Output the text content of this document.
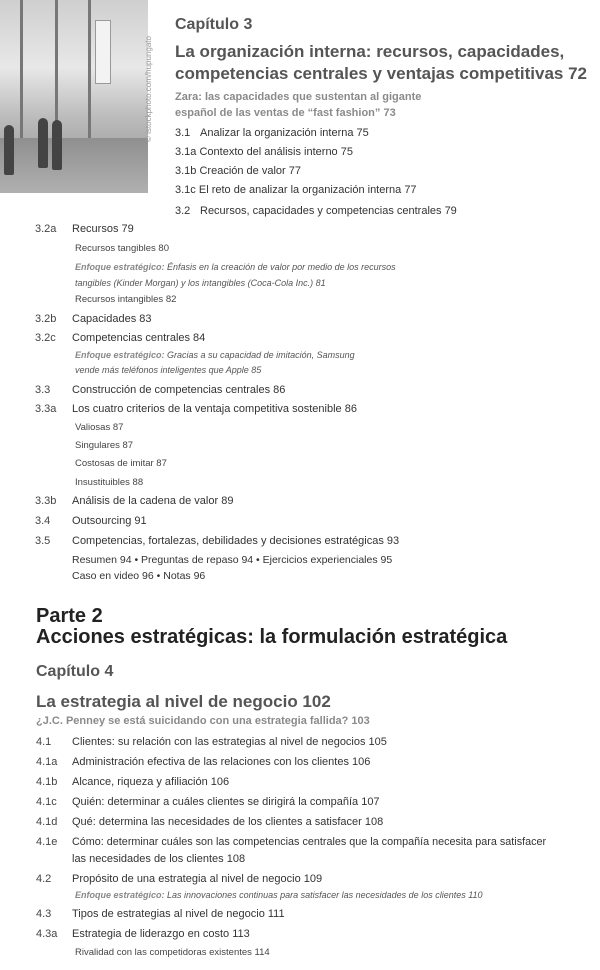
© istockphoto.com/hupungato
Capítulo 3
La organización interna: recursos, capacidades,
competencias centrales y ventajas competitivas 72
Zara: las capacidades que sustentan al gigante
español de las ventas de “fast fashion” 73
3.1 Analizar la organización interna 75
3.1a Contexto del análisis interno 75
3.1b Creación de valor 77
3.1c El reto de analizar la organización interna 77
3.2 Recursos, capacidades y competencias centrales 79
3.2a Recursos 79
Recursos tangibles 80
Enfoque estratégico: Énfasis en la creación de valor por medio de los recursos
tangibles (Kinder Morgan) y los intangibles (Coca-Cola Inc.) 81
Recursos intangibles 82
3.2b Capacidades 83
3.2c Competencias centrales 84
Enfoque estratégico: Gracias a su capacidad de imitación, Samsung
vende más teléfonos inteligentes que Apple 85
3.3 Construcción de competencias centrales 86
3.3a Los cuatro criterios de la ventaja competitiva sostenible 86
Valiosas 87
Singulares 87
Costosas de imitar 87
Insustituibles 88
3.3b Análisis de la cadena de valor 89
3.4 Outsourcing 91
3.5 Competencias, fortalezas, debilidades y decisiones estratégicas 93
Resumen 94 • Preguntas de repaso 94 • Ejercicios experienciales 95
Caso en video 96 • Notas 96
Parte 2
Acciones estratégicas: la formulación estratégica
Capítulo 4
La estrategia al nivel de negocio 102
¿J.C. Penney se está suicidando con una estrategia fallida? 103
4.1 Clientes: su relación con las estrategias al nivel de negocios 105
4.1a Administración efectiva de las relaciones con los clientes 106
4.1b Alcance, riqueza y afiliación 106
4.1c Quién: determinar a cuáles clientes se dirigirá la compañía 107
4.1d Qué: determina las necesidades de los clientes a satisfacer 108
4.1e Cómo: determinar cuáles son las competencias centrales que la compañía necesita para satisfacer
las necesidades de los clientes 108
4.2 Propósito de una estrategia al nivel de negocio 109
Enfoque estratégico: Las innovaciones continuas para satisfacer las necesidades de los clientes 110
4.3 Tipos de estrategias al nivel de negocio 111
4.3a Estrategia de liderazgo en costo 113
Rivalidad con las competidoras existentes 114
